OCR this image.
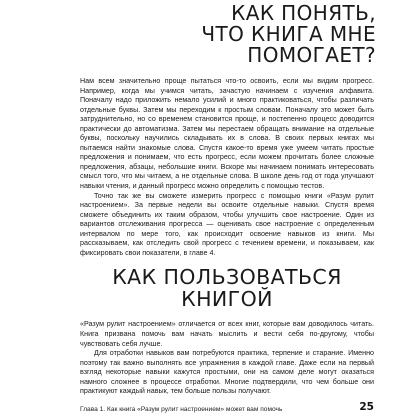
КАК ПОНЯТЬ,
ЧТО КНИГА МНЕ ПОМОГАЕТ?

Нам всем значительно проще пытаться что-то освоить, если мы видим прогресс. Например, когда мы учимся читать, зачастую начинаем с изучения алфавита. Поначалу надо приложить немало усилий и много практиковаться, чтобы различать отдельные буквы. Затем мы переходим к простым словам. Поначалу это может быть затруднительно, но со временем становится проще, и постепенно процесс доводится практически до автоматизма. Затем мы перестаем обращать внимание на отдельные буквы, поскольку научились складывать их в слова. В своих первых книгах мы пытаемся найти знакомые слова. Спустя какое-то время уже умеем читать простые предложения и понимаем, что есть прогресс, если можем прочитать более сложные предложения, абзацы, небольшие книги. Вскоре мы начинаем понимать интересовать смысл того, что мы читаем, а не отдельные слова. В школе день год от года улучшают навыки чтения, и данный прогресс можно определить с помощью тестов.

Точно так же вы сможете измерить прогресс с помощью книги «Разум рулит настроением». За первые недели вы освоите отдельные навыки. Спустя время сможете объединить их таким образом, чтобы улучшить свое настроение. Один из вариантов отслеживания прогресса — оценивать свое настроение с определенным интервалом по мере того, как происходит освоение навыков из книги. Мы рассказываем, как отследить свой прогресс с течением времени, и показываем, как фиксировать свои показатели, в главе 4.

КАК ПОЛЬЗОВАТЬСЯ КНИГОЙ

«Разум рулит настроением» отличается от всех книг, которые вам доводилось читать. Книга призвана помочь вам начать мыслить и вести себя по-другому, чтобы чувствовать себя лучше.

Для отработки навыков вам потребуются практика, терпение и старание. Именно поэтому так важно выполнять все упражнения в каждой главе. Даже если на первый взгляд некоторые навыки кажутся простыми, они на самом деле могут оказаться намного сложнее в процессе отработки. Многие подтвердили, что чем больше они практикуют каждый навык, тем больше пользы получают.

Глава 1. Как книга «Разум рулит настроением» может вам помочь	25
